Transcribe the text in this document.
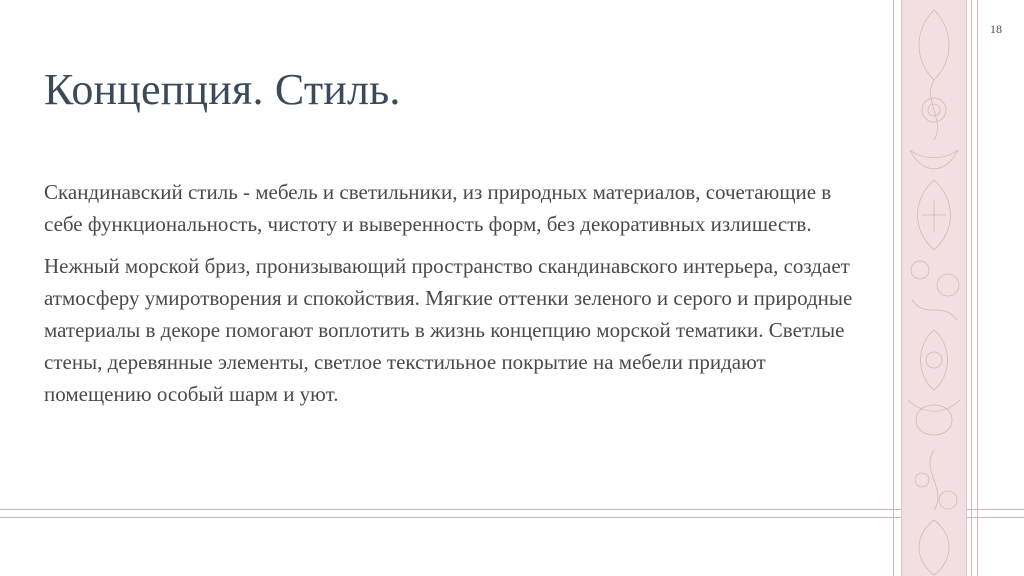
18
Концепция. Стиль.

Скандинавский стиль - мебель и светильники, из природных материалов, сочетающие в себе функциональность, чистоту и выверенность форм, без декоративных излишеств.

Нежный морской бриз, пронизывающий пространство скандинавского интерьера, создает атмосферу умиротворения и спокойствия. Мягкие оттенки зеленого и серого и природные материалы в декоре помогают воплотить в жизнь концепцию морской тематики. Светлые стены, деревянные элементы, светлое текстильное покрытие на мебели придают помещению особый шарм и уют.
